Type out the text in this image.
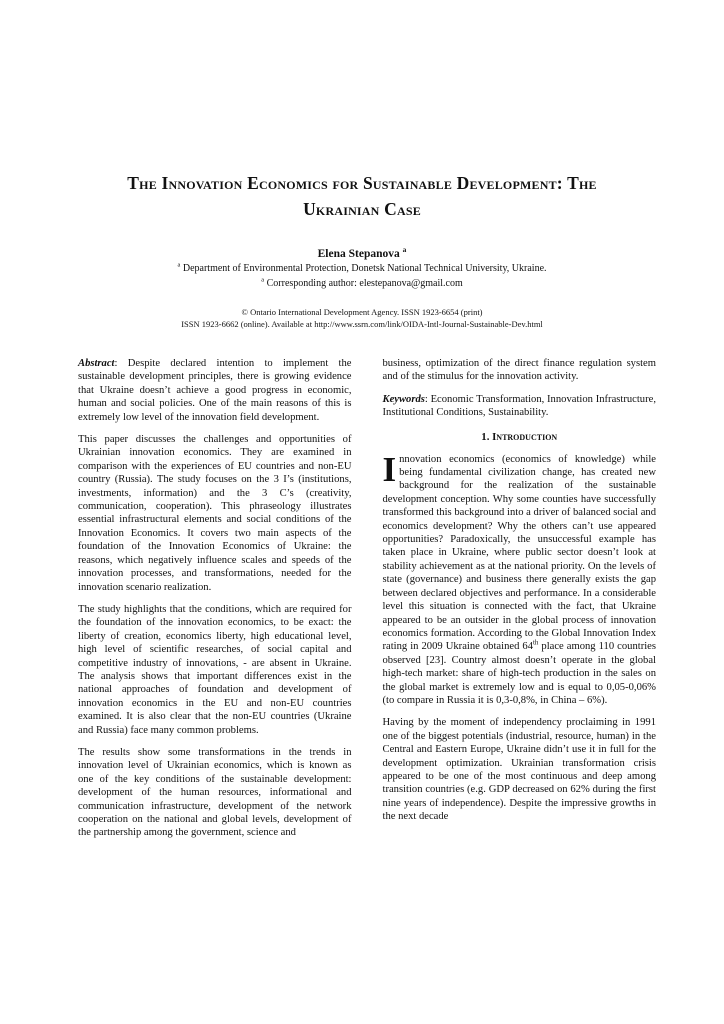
The Innovation Economics for Sustainable Development: The Ukrainian Case
Elena Stepanova $^a$
$^a$ Department of Environmental Protection, Donetsk National Technical University, Ukraine.
$^a$ Corresponding author: elestepanova@gmail.com
© Ontario International Development Agency. ISSN 1923-6654 (print)
ISSN 1923-6662 (online). Available at http://www.ssrn.com/link/OIDA-Intl-Journal-Sustainable-Dev.html

Abstract: Despite declared intention to implement the sustainable development principles, there is growing evidence that Ukraine doesn’t achieve a good progress in economic, human and social policies. One of the main reasons of this is extremely low level of the innovation field development.

This paper discusses the challenges and opportunities of Ukrainian innovation economics. They are examined in comparison with the experiences of EU countries and non-EU country (Russia). The study focuses on the 3 I’s (institutions, investments, information) and the 3 C’s (creativity, communication, cooperation). This phraseology illustrates essential infrastructural elements and social conditions of the Innovation Economics. It covers two main aspects of the foundation of the Innovation Economics of Ukraine: the reasons, which negatively influence scales and speeds of the innovation processes, and transformations, needed for the innovation scenario realization.

The study highlights that the conditions, which are required for the foundation of the innovation economics, to be exact: the liberty of creation, economics liberty, high educational level, high level of scientific researches, of social capital and competitive industry of innovations, - are absent in Ukraine. The analysis shows that important differences exist in the national approaches of foundation and development of innovation economics in the EU and non-EU countries examined. It is also clear that the non-EU countries (Ukraine and Russia) face many common problems.

The results show some transformations in the trends in innovation level of Ukrainian economics, which is known as one of the key conditions of the sustainable development: development of the human resources, informational and communication infrastructure, development of the network cooperation on the national and global levels, development of the partnership among the government, science and

business, optimization of the direct finance regulation system and of the stimulus for the innovation activity.

Keywords: Economic Transformation, Innovation Infrastructure, Institutional Conditions, Sustainability.

1. Introduction

Innovation economics (economics of knowledge) while being fundamental civilization change, has created new background for the realization of the sustainable development conception. Why some counties have successfully transformed this background into a driver of balanced social and economics development? Why the others can’t use appeared opportunities? Paradoxically, the unsuccessful example has taken place in Ukraine, where public sector doesn’t look at stability achievement as at the national priority. On the levels of state (governance) and business there generally exists the gap between declared objectives and performance. In a considerable level this situation is connected with the fact, that Ukraine appeared to be an outsider in the global process of innovation economics formation. According to the Global Innovation Index rating in 2009 Ukraine obtained 64th place among 110 countries observed [23]. Country almost doesn’t operate in the global high-tech market: share of high-tech production in the sales on the global market is extremely low and is equal to 0,05-0,06% (to compare in Russia it is 0,3-0,8%, in China – 6%).

Having by the moment of independency proclaiming in 1991 one of the biggest potentials (industrial, resource, human) in the Central and Eastern Europe, Ukraine didn’t use it in full for the development optimization. Ukrainian transformation crisis appeared to be one of the most continuous and deep among transition countries (e.g. GDP decreased on 62% during the first nine years of independence). Despite the impressive growths in the next decade
